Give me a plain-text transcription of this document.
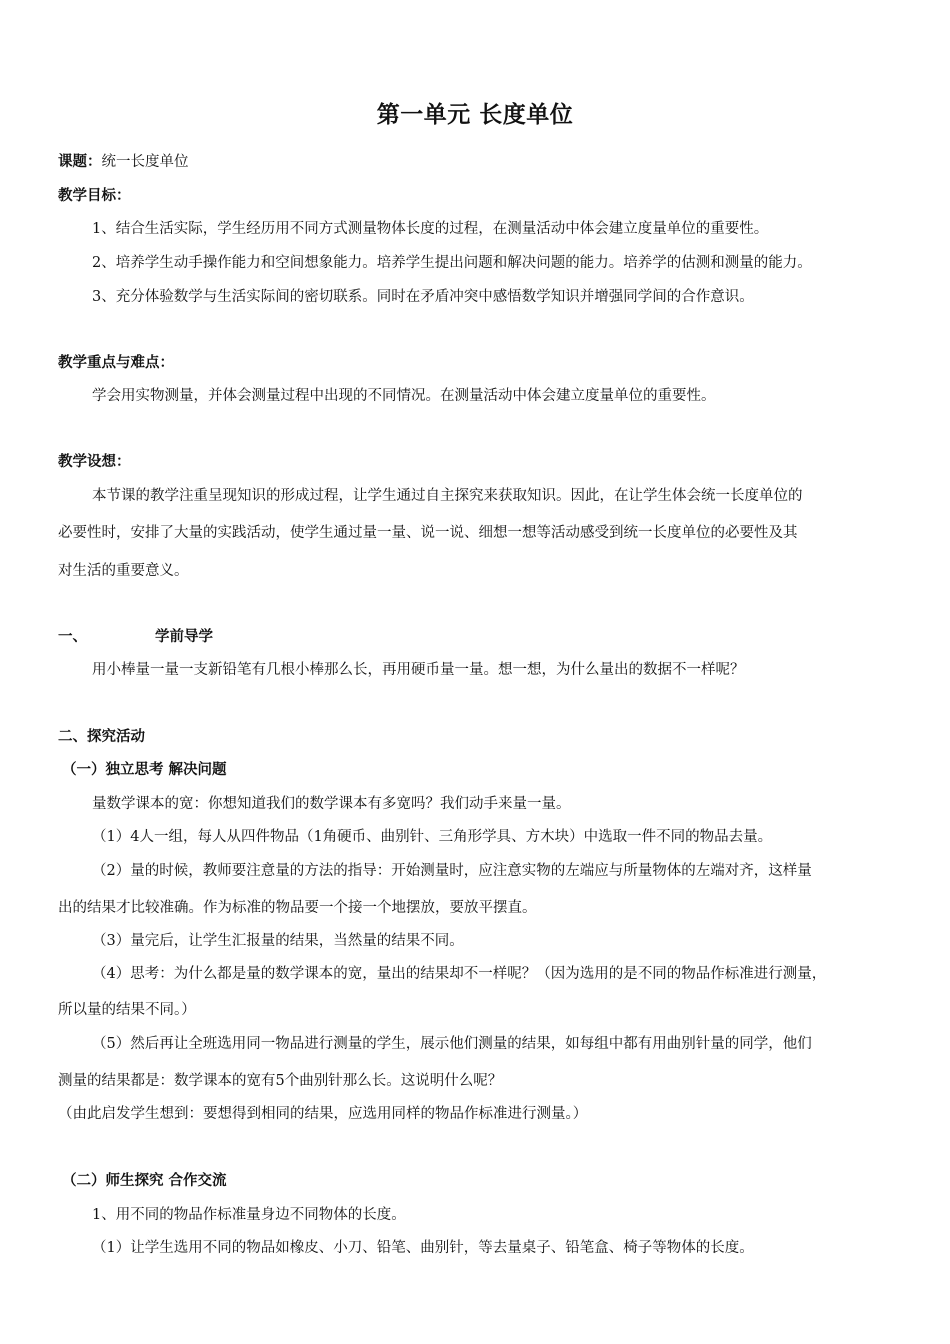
第一单元 长度单位
课题：统一长度单位
教学目标：
1、结合生活实际，学生经历用不同方式测量物体长度的过程，在测量活动中体会建立度量单位的重要性。
2、培养学生动手操作能力和空间想象能力。培养学生提出问题和解决问题的能力。培养学的估测和测量的能力。
3、充分体验数学与生活实际间的密切联系。同时在矛盾冲突中感悟数学知识并增强同学间的合作意识。
教学重点与难点：
学会用实物测量，并体会测量过程中出现的不同情况。在测量活动中体会建立度量单位的重要性。
教学设想：
本节课的教学注重呈现知识的形成过程，让学生通过自主探究来获取知识。因此，在让学生体会统一长度单位的
必要性时，安排了大量的实践活动，使学生通过量一量、说一说、细想一想等活动感受到统一长度单位的必要性及其
对生活的重要意义。
一、	学前导学
用小棒量一量一支新铅笔有几根小棒那么长，再用硬币量一量。想一想，为什么量出的数据不一样呢？
二、探究活动
（一）独立思考 解决问题
量数学课本的宽：你想知道我们的数学课本有多宽吗？我们动手来量一量。
（1）4人一组，每人从四件物品（1角硬币、曲别针、三角形学具、方木块）中选取一件不同的物品去量。
（2）量的时候，教师要注意量的方法的指导：开始测量时，应注意实物的左端应与所量物体的左端对齐，这样量
出的结果才比较准确。作为标准的物品要一个接一个地摆放，要放平摆直。
（3）量完后，让学生汇报量的结果，当然量的结果不同。
（4）思考：为什么都是量的数学课本的宽，量出的结果却不一样呢？（因为选用的是不同的物品作标准进行测量，
所以量的结果不同。）
（5）然后再让全班选用同一物品进行测量的学生，展示他们测量的结果，如每组中都有用曲别针量的同学，他们
测量的结果都是：数学课本的宽有5个曲别针那么长。这说明什么呢？
（由此启发学生想到：要想得到相同的结果，应选用同样的物品作标准进行测量。）
（二）师生探究 合作交流
1、用不同的物品作标准量身边不同物体的长度。
（1）让学生选用不同的物品如橡皮、小刀、铅笔、曲别针，等去量桌子、铅笔盒、椅子等物体的长度。
